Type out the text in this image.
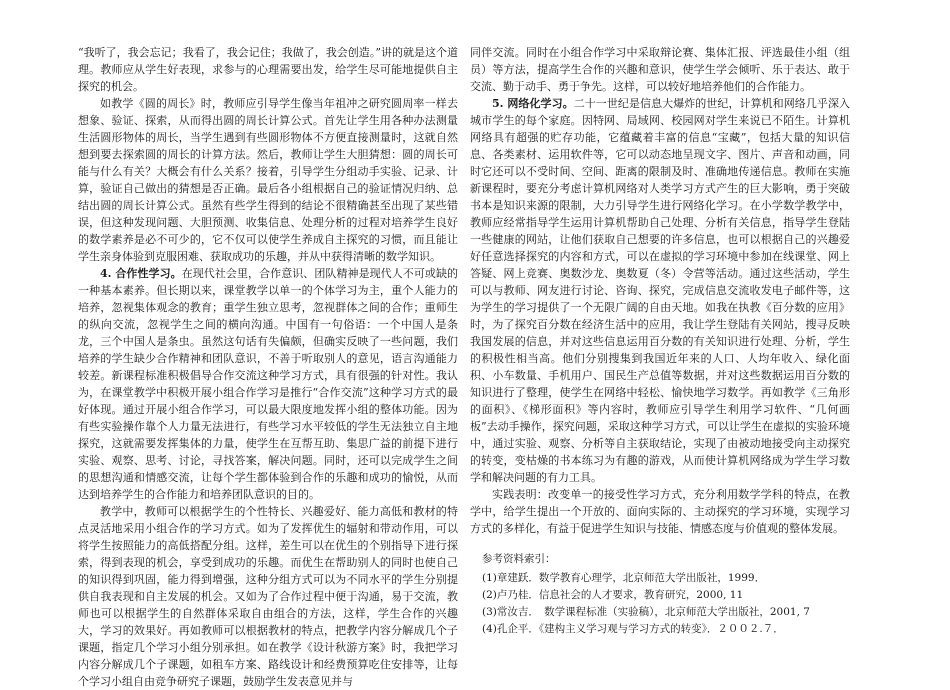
“我听了，我会忘记；我看了，我会记住；我做了，我会创造。”讲的就是这个道理。教师应从学生好表现，求参与的心理需要出发，给学生尽可能地提供自主探究的机会。

如教学《圆的周长》时，教师应引导学生像当年祖冲之研究圆周率一样去想象、验证、探索，从而得出圆的周长计算公式。首先让学生用各种办法测量生活圆形物体的周长，当学生遇到有些圆形物体不方便直接测量时，这就自然想到要去探索圆的周长的计算方法。然后，教师让学生大胆猜想：圆的周长可能与什么有关？大概会有什么关系？接着，引导学生分组动手实验、记录、计算，验证自己做出的猜想是否正确。最后各小组根据自己的验证情况归纳、总结出圆的周长计算公式。虽然有些学生得到的结论不很精确甚至出现了某些错误，但这种发现问题、大胆预测、收集信息、处理分析的过程对培养学生良好的数学素养是必不可少的，它不仅可以使学生养成自主探究的习惯，而且能让学生亲身体验到克服困难、获取成功的乐趣，并从中获得清晰的数学知识。

4. 合作性学习。在现代社会里，合作意识、团队精神是现代人不可或缺的一种基本素养。但长期以来，课堂教学以单一的个体学习为主，重个人能力的培养，忽视集体观念的教育；重学生独立思考，忽视群体之间的合作；重师生的纵向交流，忽视学生之间的横向沟通。中国有一句俗语：一个中国人是条龙，三个中国人是条虫。虽然这句话有失偏颇，但确实反映了一些问题，我们培养的学生缺少合作精神和团队意识，不善于听取别人的意见，语言沟通能力较差。新课程标准积极倡导合作交流这种学习方式，具有很强的针对性。我认为，在课堂教学中积极开展小组合作学习是推行“合作交流”这种学习方式的最好体现。通过开展小组合作学习，可以最大限度地发挥小组的整体功能。因为有些实验操作靠个人力量无法进行，有些学习水平较低的学生无法独立自主地探究，这就需要发挥集体的力量，使学生在互帮互助、集思广益的前提下进行实验、观察、思考、讨论，寻找答案，解决问题。同时，还可以完成学生之间的思想沟通和情感交流，让每个学生都体验到合作的乐趣和成功的愉悦，从而达到培养学生的合作能力和培养团队意识的目的。

教学中，教师可以根据学生的个性特长、兴趣爱好、能力高低和教材的特点灵活地采用小组合作的学习方式。如为了发挥优生的辐射和带动作用，可以将学生按照能力的高低搭配分组。这样，差生可以在优生的个别指导下进行探索，得到表现的机会，享受到成功的乐趣。而优生在帮助别人的同时也使自己的知识得到巩固，能力得到增强，这种分组方式可以为不同水平的学生分别提供自我表现和自主发展的机会。又如为了合作过程中便于沟通，易于交流，教师也可以根据学生的自然群体采取自由组合的方法，这样，学生合作的兴趣大，学习的效果好。再如教师可以根据教材的特点，把教学内容分解成几个子课题，指定几个学习小组分别承担。如在教学《设计秋游方案》时，我把学习内容分解成几个子课题，如租车方案、路线设计和经费预算吃住安排等，让每个学习小组自由竞争研究子课题，鼓励学生发表意见并与

同伴交流。同时在小组合作学习中采取辩论赛、集体汇报、评选最佳小组（组员）等方法，提高学生合作的兴趣和意识，使学生学会倾听、乐于表达、敢于交流、勤于动手、勇于争先。这样，可以较好地培养他们的合作能力。

5. 网络化学习。二十一世纪是信息大爆炸的世纪，计算机和网络几乎深入城市学生的每个家庭。因特网、局域网、校园网对学生来说已不陌生。计算机网络具有超强的贮存功能，它蕴藏着丰富的信息“宝藏”，包括大量的知识信息、各类素材、运用软件等，它可以动态地呈现文字、图片、声音和动画，同时它还可以不受时间、空间、距离的限制及时、准确地传递信息。教师在实施新课程时，要充分考虑计算机网络对人类学习方式产生的巨大影响，勇于突破书本是知识来源的限制，大力引导学生进行网络化学习。在小学数学教学中，教师应经常指导学生运用计算机帮助自己处理、分析有关信息，指导学生登陆一些健康的网站，让他们获取自己想要的许多信息，也可以根据自己的兴趣爱好任意选择探究的内容和方式，可以在虚拟的学习环境中参加在线课堂、网上答疑、网上竞赛、奥数沙龙、奥数夏（冬）令营等活动。通过这些活动，学生可以与教师、网友进行讨论、咨询、探究，完成信息交流收发电子邮件等，这为学生的学习提供了一个无限广阔的自由天地。如我在执教《百分数的应用》时，为了探究百分数在经济生活中的应用，我让学生登陆有关网站，搜寻反映我国发展的信息，并对这些信息运用百分数的有关知识进行处理、分析，学生的积极性相当高。他们分别搜集到我国近年来的人口、人均年收入、绿化面积、小车数量、手机用户、国民生产总值等数据，并对这些数据运用百分数的知识进行了整理，使学生在网络中轻松、愉快地学习数学。再如教学《三角形的面积》、《梯形面积》等内容时，教师应引导学生利用学习软件、“几何画板”去动手操作，探究问题，采取这种学习方式，可以让学生在虚拟的实验环境中，通过实验、观察、分析等自主获取结论，实现了由被动地接受向主动探究的转变，变枯燥的书本练习为有趣的游戏，从而使计算机网络成为学生学习数学和解决问题的有力工具。

实践表明：改变单一的接受性学习方式，充分利用数学学科的特点，在教学中，给学生提出一个开放的、面向实际的、主动探究的学习环境，实现学习方式的多样化，有益于促进学生知识与技能、情感态度与价值观的整体发展。

参考资料索引：
(1)章建跃．数学教育心理学，北京师范大学出版社，1999．
(2)卢乃桂．信息社会的人才要求，教育研究，2000, 11
(3)常汝吉．　数学课程标准（实验稿），北京师范大学出版社，2001, 7
(4)孔企平．《建构主义学习观与学习方式的转变》．２００２.７．
